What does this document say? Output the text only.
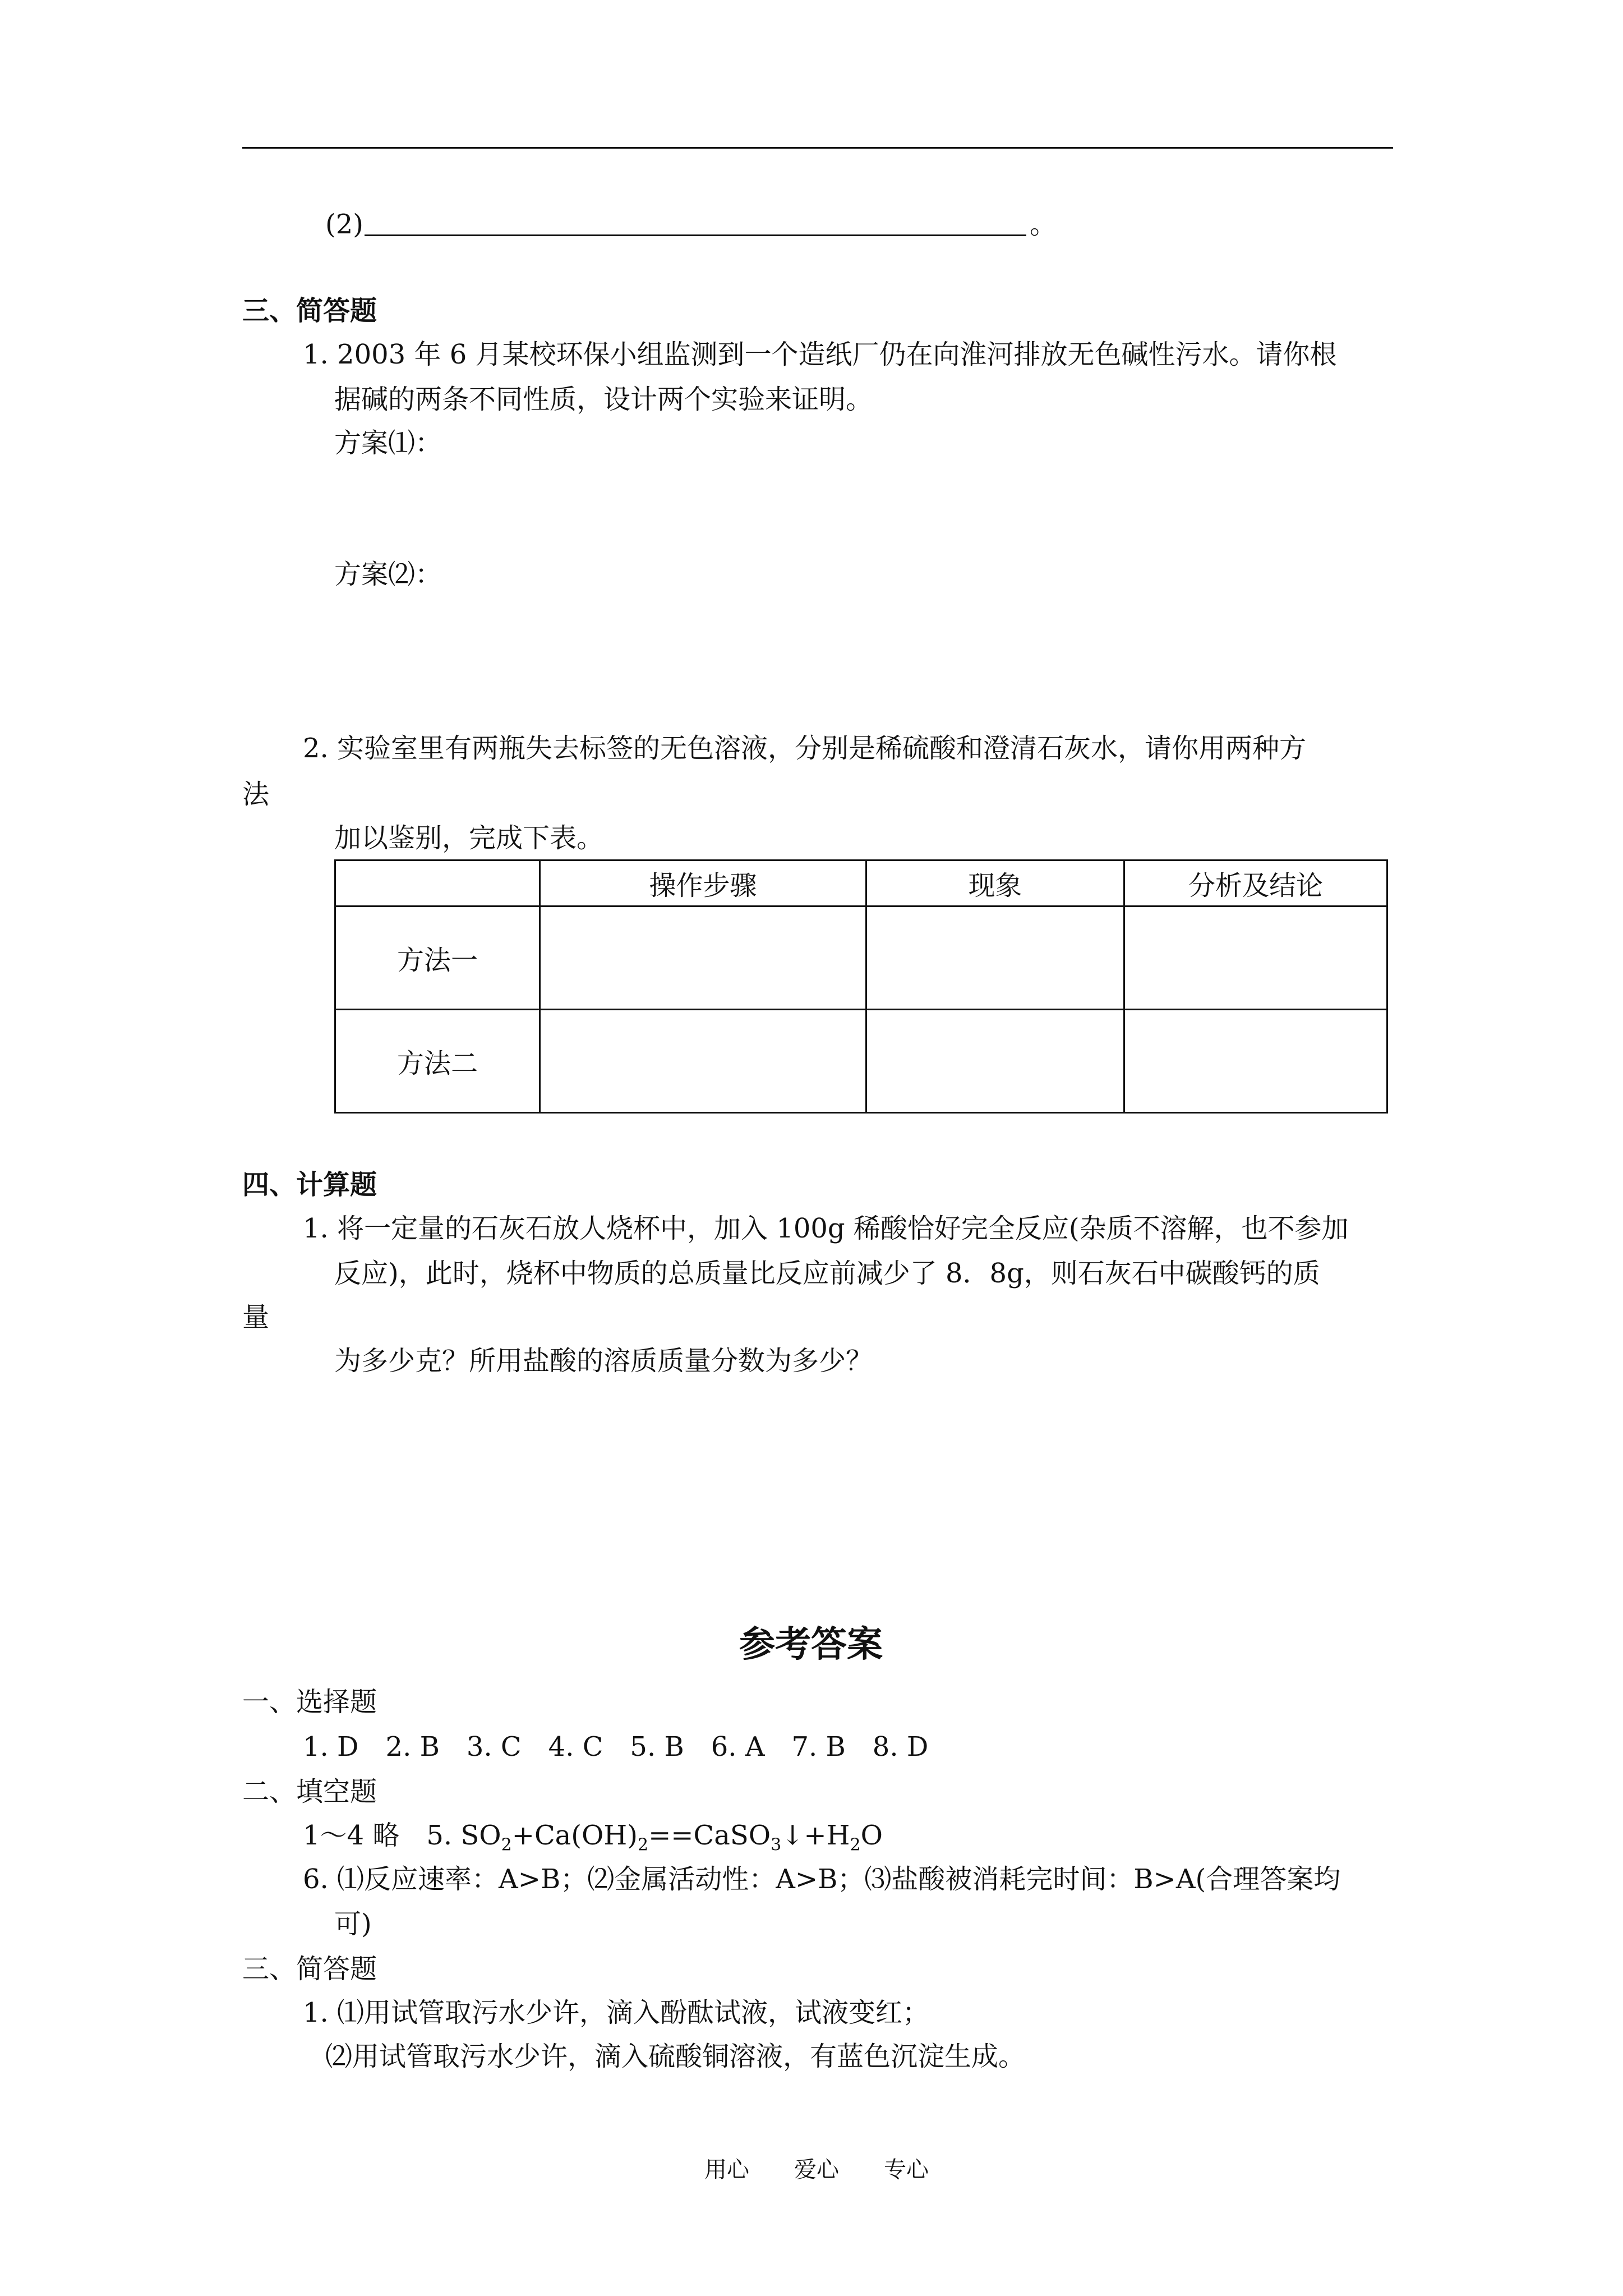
(2)	。
三、简答题
1. 2003 年 6 月某校环保小组监测到一个造纸厂仍在向淮河排放无色碱性污水。请你根
据碱的两条不同性质，设计两个实验来证明。
方案⑴：
方案⑵：
2. 实验室里有两瓶失去标签的无色溶液，分别是稀硫酸和澄清石灰水，请你用两种方
法
加以鉴别，完成下表。
	操作步骤	现象	分析及结论
方法一			
方法二			
四、计算题
1. 将一定量的石灰石放人烧杯中，加入 100g 稀酸恰好完全反应(杂质不溶解，也不参加
反应)，此时，烧杯中物质的总质量比反应前减少了 8．8g，则石灰石中碳酸钙的质
量
为多少克？所用盐酸的溶质质量分数为多少？
参考答案
一、选择题
1. D　2. B　3. C　4. C　5. B　6. A　7. B　8. D
二、填空题
1～4 略　5. $SO_2+Ca(OH)_2==CaSO_3↓+H_2O$
6. ⑴反应速率：A>B；⑵金属活动性：A>B；⑶盐酸被消耗完时间：B>A(合理答案均
可)
三、简答题
1. ⑴用试管取污水少许，滴入酚酞试液，试液变红；
⑵用试管取污水少许，滴入硫酸铜溶液，有蓝色沉淀生成。
用心　　爱心　　专心
